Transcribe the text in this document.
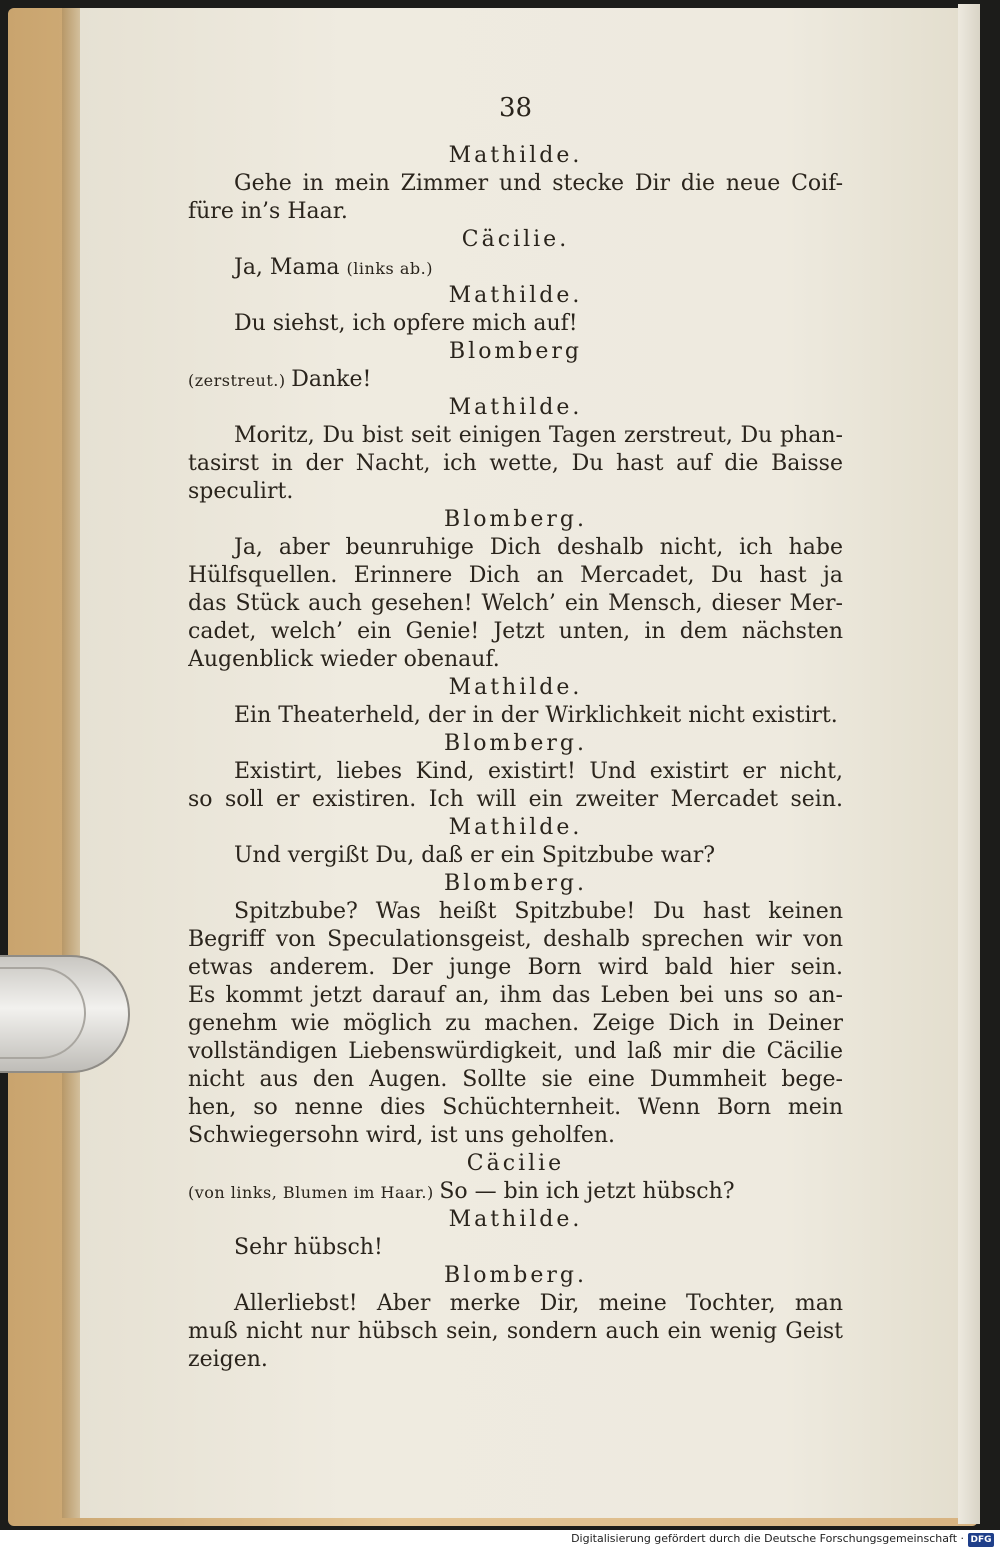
38
Mathilde.
Gehe in mein Zimmer und stecke Dir die neue Coif-
füre in’s Haar.
Cäcilie.
Ja, Mama (links ab.)
Mathilde.
Du siehst, ich opfere mich auf!
Blomberg
(zerstreut.) Danke!
Mathilde.
Moritz, Du bist seit einigen Tagen zerstreut, Du phan-
tasirst in der Nacht, ich wette, Du hast auf die Baisse
speculirt.
Blomberg.
Ja, aber beunruhige Dich deshalb nicht, ich habe
Hülfsquellen. Erinnere Dich an Mercadet, Du hast ja
das Stück auch gesehen! Welch’ ein Mensch, dieser Mer-
cadet, welch’ ein Genie! Jetzt unten, in dem nächsten
Augenblick wieder obenauf.
Mathilde.
Ein Theaterheld, der in der Wirklichkeit nicht existirt.
Blomberg.
Existirt, liebes Kind, existirt! Und existirt er nicht,
so soll er existiren. Ich will ein zweiter Mercadet sein.
Mathilde.
Und vergißt Du, daß er ein Spitzbube war?
Blomberg.
Spitzbube? Was heißt Spitzbube! Du hast keinen
Begriff von Speculationsgeist, deshalb sprechen wir von
etwas anderem. Der junge Born wird bald hier sein.
Es kommt jetzt darauf an, ihm das Leben bei uns so an-
genehm wie möglich zu machen. Zeige Dich in Deiner
vollständigen Liebenswürdigkeit, und laß mir die Cäcilie
nicht aus den Augen. Sollte sie eine Dummheit bege-
hen, so nenne dies Schüchternheit. Wenn Born mein
Schwiegersohn wird, ist uns geholfen.
Cäcilie
(von links, Blumen im Haar.) So — bin ich jetzt hübsch?
Mathilde.
Sehr hübsch!
Blomberg.
Allerliebst! Aber merke Dir, meine Tochter, man
muß nicht nur hübsch sein, sondern auch ein wenig Geist
zeigen.
Digitalisierung gefördert durch die Deutsche Forschungsgemeinschaft · DFG
